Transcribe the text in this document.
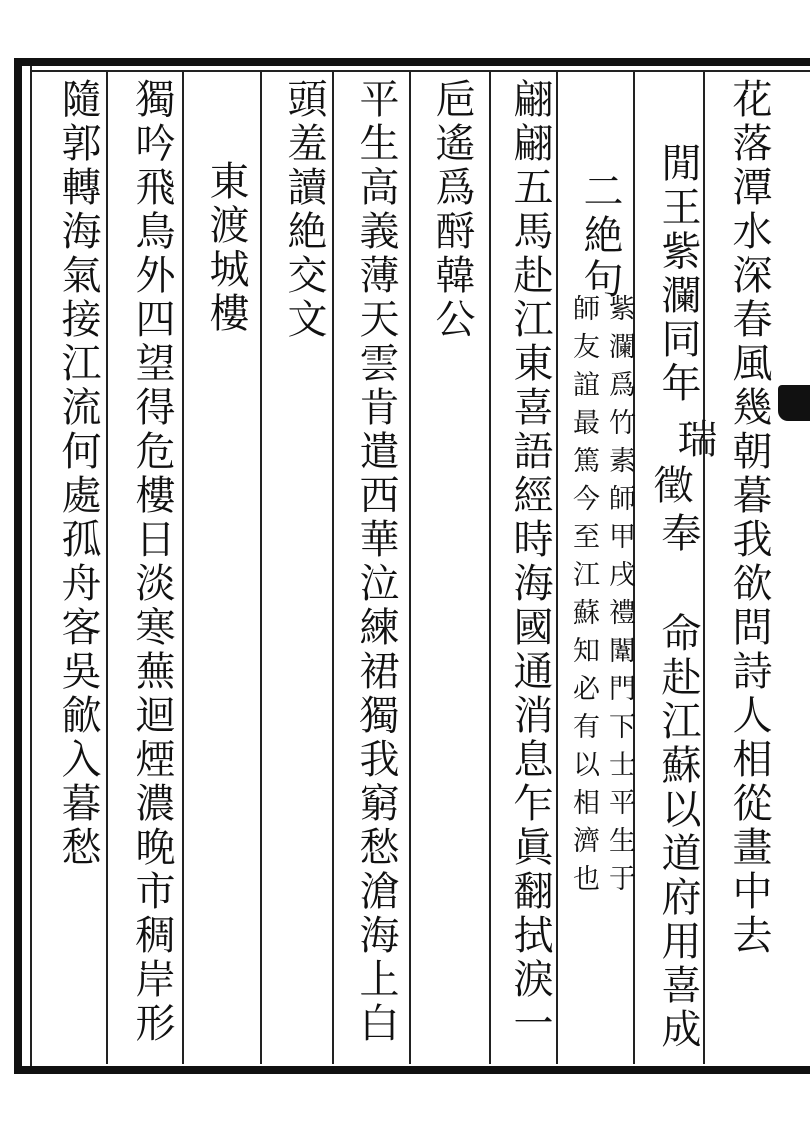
花落潭水深春風幾朝暮我欲問詩人相從畫中去
閒王紫瀾同年
瑞
徵
奉
命赴江蘇以道府用喜成
二絶句
紫瀾爲竹素師甲戌禮闈門下士平生于
師友誼最篤今至江蘇知必有以相濟也
翩翩五馬赴江東喜語經時海國通消息乍眞翻拭淚一
巵遙爲酹韓公
平生高義薄天雲肯遣西華泣練裙獨我窮愁滄海上白
頭羞讀絶交文
東渡城樓
獨吟飛鳥外四望得危樓日淡寒蕪迴煙濃晚市稠岸形
隨郭轉海氣接江流何處孤舟客吳歈入暮愁
